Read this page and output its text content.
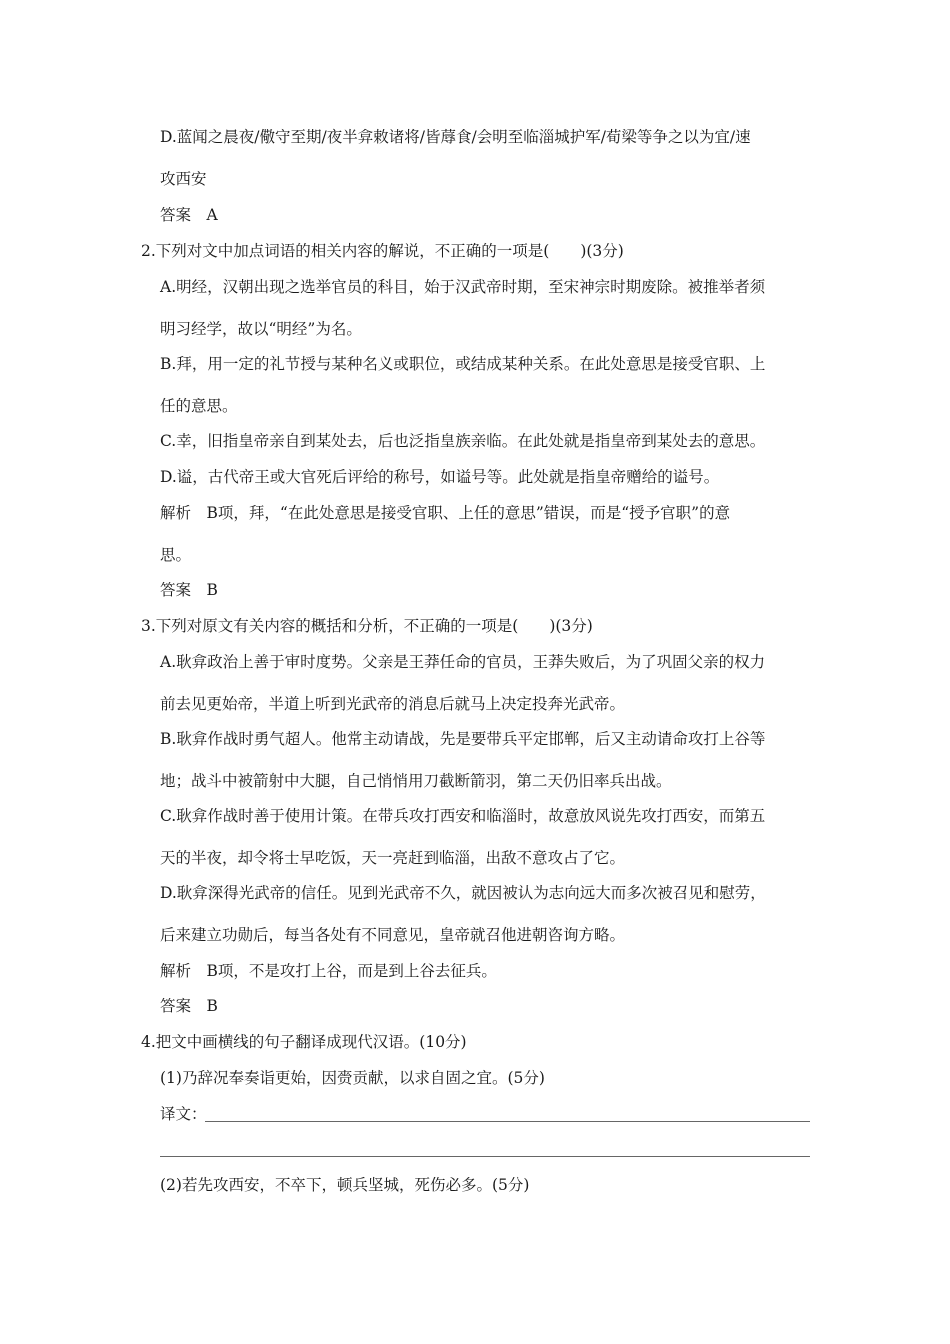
D.蓝闻之晨夜/儆守至期/夜半弇敕诸将/皆蓐食/会明至临淄城护军/荀梁等争之以为宜/速
攻西安
答案　A
2.下列对文中加点词语的相关内容的解说，不正确的一项是(　　)(3分)
A.明经，汉朝出现之选举官员的科目，始于汉武帝时期，至宋神宗时期废除。被推举者须
明习经学，故以“明经”为名。
B.拜，用一定的礼节授与某种名义或职位，或结成某种关系。在此处意思是接受官职、上
任的意思。
C.幸，旧指皇帝亲自到某处去，后也泛指皇族亲临。在此处就是指皇帝到某处去的意思。
D.谥，古代帝王或大官死后评给的称号，如谥号等。此处就是指皇帝赠给的谥号。
解析　B项，拜，“在此处意思是接受官职、上任的意思”错误，而是“授予官职”的意
思。
答案　B
3.下列对原文有关内容的概括和分析，不正确的一项是(　　)(3分)
A.耿弇政治上善于审时度势。父亲是王莽任命的官员，王莽失败后，为了巩固父亲的权力
前去见更始帝，半道上听到光武帝的消息后就马上决定投奔光武帝。
B.耿弇作战时勇气超人。他常主动请战，先是要带兵平定邯郸，后又主动请命攻打上谷等
地；战斗中被箭射中大腿，自己悄悄用刀截断箭羽，第二天仍旧率兵出战。
C.耿弇作战时善于使用计策。在带兵攻打西安和临淄时，故意放风说先攻打西安，而第五
天的半夜，却令将士早吃饭，天一亮赶到临淄，出敌不意攻占了它。
D.耿弇深得光武帝的信任。见到光武帝不久，就因被认为志向远大而多次被召见和慰劳，
后来建立功勋后，每当各处有不同意见，皇帝就召他进朝咨询方略。
解析　B项，不是攻打上谷，而是到上谷去征兵。
答案　B
4.把文中画横线的句子翻译成现代汉语。(10分)
(1)乃辞况奉奏诣更始，因赍贡献，以求自固之宜。(5分)
译文：
(2)若先攻西安，不卒下，顿兵坚城，死伤必多。(5分)
